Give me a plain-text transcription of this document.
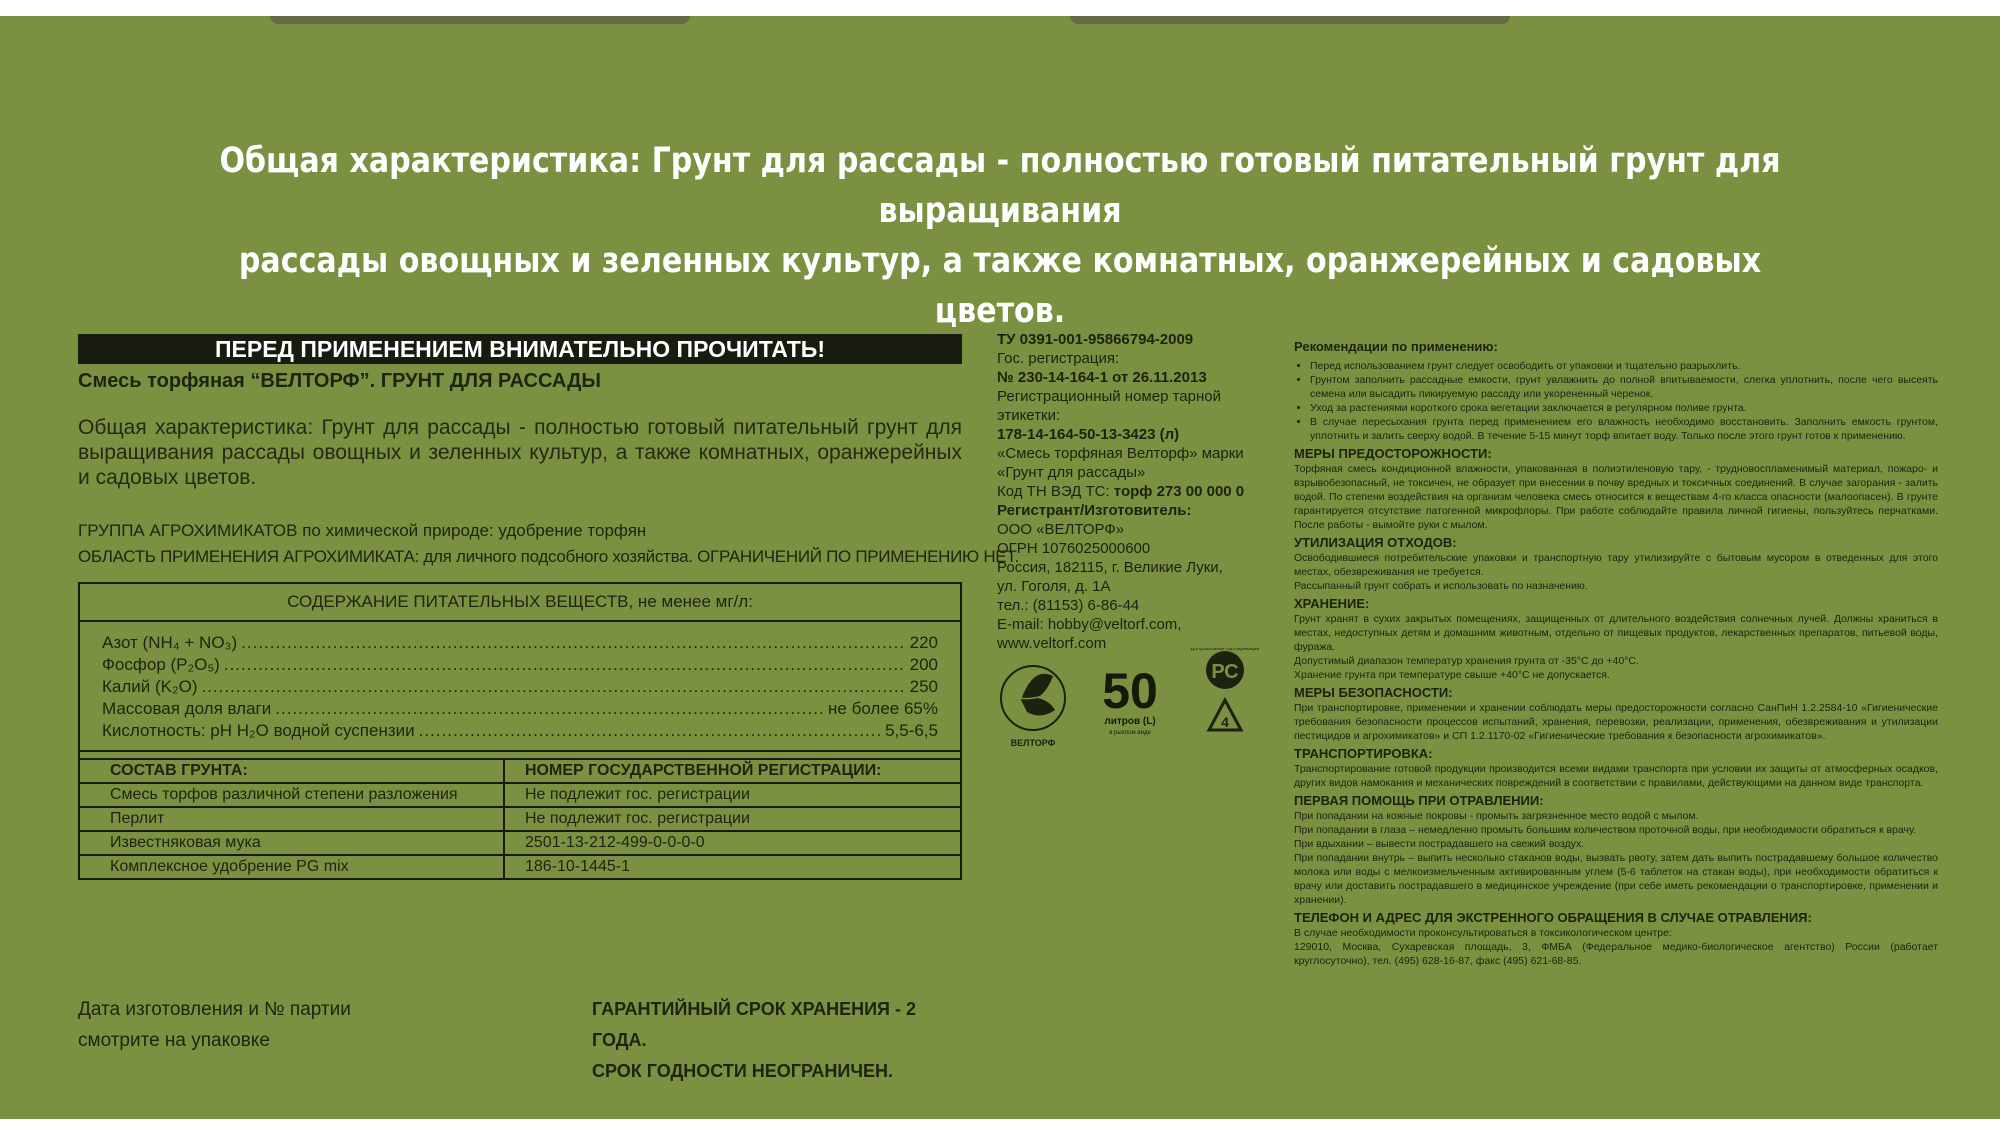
Общая характеристика: Грунт для рассады - полностью готовый питательный грунт для выращивания
рассады овощных и зеленных культур, а также комнатных, оранжерейных и садовых цветов.
ПЕРЕД ПРИМЕНЕНИЕМ ВНИМАТЕЛЬНО ПРОЧИТАТЬ!
Смесь торфяная “ВЕЛТОРФ”. ГРУНТ ДЛЯ РАССАДЫ
Общая характеристика: Грунт для рассады - полностью готовый питательный грунт для выращивания рассады овощных и зеленных культур, а также комнатных, оранжерейных и садовых цветов.
ГРУППА АГРОХИМИКАТОВ по химической природе: удобрение торфян
ОБЛАСТЬ ПРИМЕНЕНИЯ АГРОХИМИКАТА: для личного подсобного хозяйства. ОГРАНИЧЕНИЙ ПО ПРИМЕНЕНИЮ НЕТ.
СОДЕРЖАНИЕ ПИТАТЕЛЬНЫХ ВЕЩЕСТВ, не менее мг/л:
Азот (NH₄ + NO₃) .....	220
Фосфор (P₂O₅) .....	200
Калий (K₂O) .....	250
Массовая доля влаги .....	не более 65%
Кислотность: pH H₂O водной суспензии .....	5,5-6,5
СОСТАВ ГРУНТА:	НОМЕР ГОСУДАРСТВЕННОЙ РЕГИСТРАЦИИ:
Смесь торфов различной степени разложения	Не подлежит гос. регистрации
Перлит	Не подлежит гос. регистрации
Известняковая мука	2501-13-212-499-0-0-0-0
Комплексное удобрение PG mix	186-10-1445-1
Дата изготовления и № партии
смотрите на упаковке
ГАРАНТИЙНЫЙ СРОК ХРАНЕНИЯ - 2 ГОДА.
СРОК ГОДНОСТИ НЕОГРАНИЧЕН.
ТУ 0391-001-95866794-2009
Гос. регистрация:
№ 230-14-164-1 от 26.11.2013
Регистрационный номер тарной этикетки:
178-14-164-50-13-3423 (л)
«Смесь торфяная Велторф» марки
«Грунт для рассады»
Код ТН ВЭД ТС: торф 273 00 000 0
Регистрант/Изготовитель:
ООО «ВЕЛТОРФ»
ОГРН 1076025000600
Россия, 182115, г. Великие Луки,
ул. Гоголя, д. 1А
тел.: (81153) 6-86-44
E-mail: hobby@veltorf.com,
www.veltorf.com
ВЕЛТОРФ
50
литров (L)
в рыхлом виде
РС
Добровольная сертификация
4
Рекомендации по применению:
• Перед использованием грунт следует освободить от упаковки и тщательно разрыхлить.
• Грунтом заполнить рассадные емкости, грунт увлажнить до полной впитываемости, слегка уплотнить, после чего высеять семена или высадить пикируемую рассаду или укорененный черенок.
• Уход за растениями короткого срока вегетации заключается в регулярном поливе грунта.
• В случае пересыхания грунта перед применением его влажность необходимо восстановить. Заполнить емкость грунтом, уплотнить и залить сверху водой. В течение 5-15 минут торф впитает воду. Только после этого грунт готов к применению.
МЕРЫ ПРЕДОСТОРОЖНОСТИ:
Торфяная смесь кондиционной влажности, упакованная в полиэтиленовую тару, - трудновоспламенимый материал, пожаро- и взрывобезопасный, не токсичен, не образует при внесении в почву вредных и токсичных соединений. В случае загорания - залить водой. По степени воздействия на организм человека смесь относится к веществам 4-го класса опасности (малоопасен). В грунте гарантируется отсутствие патогенной микрофлоры. При работе соблюдайте правила личной гигиены, пользуйтесь перчатками. После работы - вымойте руки с мылом.
УТИЛИЗАЦИЯ ОТХОДОВ:
Освободившиеся потребительские упаковки и транспортную тару утилизируйте с бытовым мусором в отведенных для этого местах, обезвреживания не требуется.
Рассыпанный грунт собрать и использовать по назначению.
ХРАНЕНИЕ:
Грунт хранят в сухих закрытых помещениях, защищенных от длительного воздействия солнечных лучей. Должны храниться в местах, недоступных детям и домашним животным, отдельно от пищевых продуктов, лекарственных препаратов, питьевой воды, фуража.
Допустимый диапазон температур хранения грунта от -35°С до +40°С.
Хранение грунта при температуре свыше +40°С не допускается.
МЕРЫ БЕЗОПАСНОСТИ:
При транспортировке, применении и хранении соблюдать меры предосторожности согласно СанПиН 1.2.2584-10 «Гигиенические требования безопасности процессов испытаний, хранения, перевозки, реализации, применения, обезвреживания и утилизации пестицидов и агрохимикатов» и СП 1.2.1170-02 «Гигиенические требования к безопасности агрохимикатов».
ТРАНСПОРТИРОВКА:
Транспортирование готовой продукции производится всеми видами транспорта при условии их защиты от атмосферных осадков, других видов намокания и механических повреждений в соответствии с правилами, действующими на данном виде транспорта.
ПЕРВАЯ ПОМОЩЬ ПРИ ОТРАВЛЕНИИ:
При попадании на кожные покровы - промыть загрязненное место водой с мылом.
При попадании в глаза – немедленно промыть большим количеством проточной воды, при необходимости обратиться к врачу.
При вдыхании – вывести пострадавшего на свежий воздух.
При попадании внутрь – выпить несколько стаканов воды, вызвать рвоту, затем дать выпить пострадавшему большое количество молока или воды с мелкоизмельченным активированным углем (5-6 таблеток на стакан воды), при необходимости обратиться к врачу или доставить пострадавшего в медицинское учреждение (при себе иметь рекомендации о транспортировке, применении и хранении).
ТЕЛЕФОН И АДРЕС ДЛЯ ЭКСТРЕННОГО ОБРАЩЕНИЯ В СЛУЧАЕ ОТРАВЛЕНИЯ:
В случае необходимости проконсультироваться в токсикологическом центре:
129010, Москва, Сухаревская площадь, 3, ФМБА (Федеральное медико-биологическое агентство) России (работает круглосуточно), тел. (495) 628-16-87, факс (495) 621-68-85.
